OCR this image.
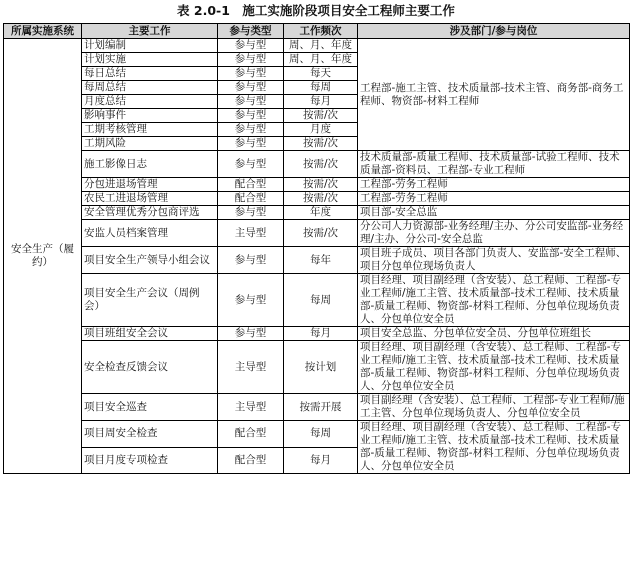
表 2.0-1　施工实施阶段项目安全工程师主要工作
所属实施系统	主要工作	参与类型	工作频次	涉及部门/参与岗位
安全生产（履约）	计划编制	参与型	周、月、年度	工程部-施工主管、技术质量部-技术主管、商务部-商务工程师、物资部-材料工程师
	计划实施	参与型	周、月、年度	
	每日总结	参与型	每天	
	每周总结	参与型	每周	
	月度总结	参与型	每月	
	影响事件	参与型	按需/次	
	工期考核管理	参与型	月度	
	工期风险	参与型	按需/次	
	施工影像日志	参与型	按需/次	技术质量部-质量工程师、技术质量部-试验工程师、技术质量部-资料员、工程部-专业工程师
	分包进退场管理	配合型	按需/次	工程部-劳务工程师
	农民工进退场管理	配合型	按需/次	工程部-劳务工程师
	安全管理优秀分包商评选	参与型	年度	项目部-安全总监
	安监人员档案管理	主导型	按需/次	分公司人力资源部-业务经理/主办、分公司安监部-业务经理/主办、分公司-安全总监
	项目安全生产领导小组会议	参与型	每年	项目班子成员、项目各部门负责人、安监部-安全工程师、项目分包单位现场负责人
	项目安全生产会议（周例会）	参与型	每周	项目经理、项目副经理（含安装）、总工程师、工程部-专业工程师/施工主管、技术质量部-技术工程师、技术质量部-质量工程师、物资部-材料工程师、分包单位现场负责人、分包单位安全员
	项目班组安全会议	参与型	每月	项目安全总监、分包单位安全员、分包单位班组长
	安全检查反馈会议	主导型	按计划	项目经理、项目副经理（含安装）、总工程师、工程部-专业工程师/施工主管、技术质量部-技术工程师、技术质量部-质量工程师、物资部-材料工程师、分包单位现场负责人、分包单位安全员
	项目安全巡查	主导型	按需开展	项目副经理（含安装）、总工程师、工程部-专业工程师/施工主管、分包单位现场负责人、分包单位安全员
	项目周安全检查	配合型	每周	项目经理、项目副经理（含安装）、总工程师、工程部-专业工程师/施工主管、技术质量部-技术工程师、技术质量部-质量工程师、物资部-材料工程师、分包单位现场负责人、分包单位安全员
	项目月度专项检查	配合型	每月	
